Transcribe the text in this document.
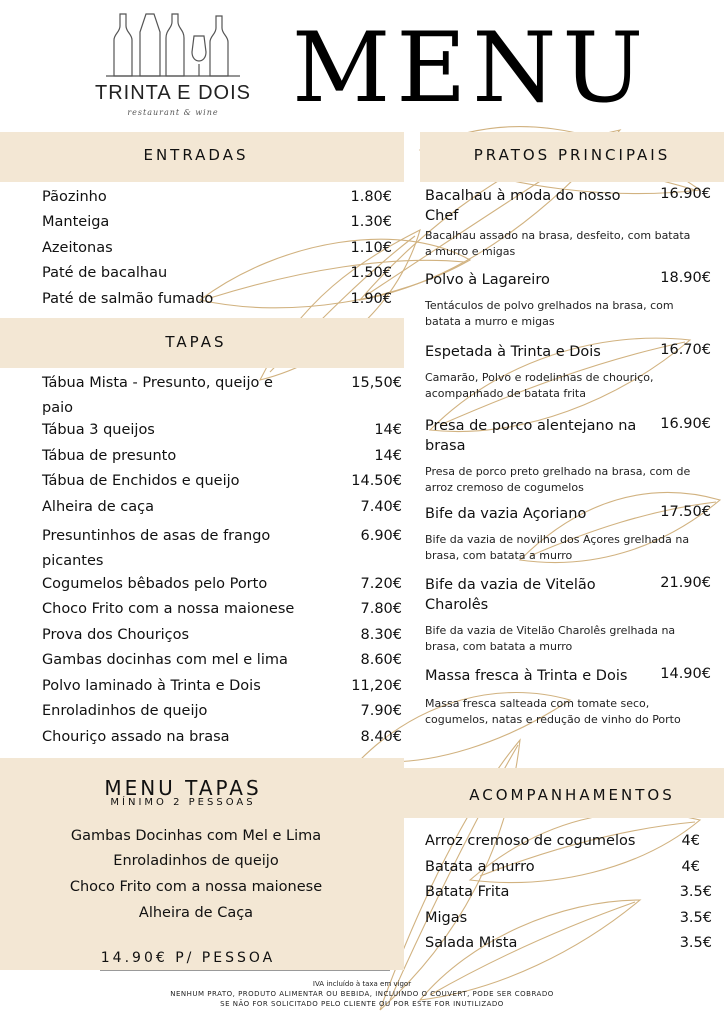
TRINTA E DOIS
restaurant & wine MENU
ENTRADAS
Pãozinho	1.80€
Manteiga	1.30€
Azeitonas	1.10€
Paté de bacalhau	1.50€
Paté de salmão fumado	1.90€
TAPAS
Tábua Mista - Presunto, queijo e paio
15,50€
Tábua 3 queijos	14€
Tábua de presunto	14€
Tábua de Enchidos e queijo	14.50€
Alheira de caça	7.40€
Presuntinhos de asas de frango picantes
6.90€
Cogumelos bêbados pelo Porto	7.20€
Choco Frito com a nossa maionese	7.80€
Prova dos Chouriços	8.30€
Gambas docinhas com mel e lima	8.60€
Polvo laminado à Trinta e Dois	11,20€
Enroladinhos de queijo	7.90€
Chouriço assado na brasa	8.40€
MENU TAPAS
MÍNIMO 2 PESSOAS
Gambas Docinhas com Mel e Lima
Enroladinhos de queijo
Choco Frito com a nossa maionese
Alheira de Caça
14.90€ P/ PESSOA
PRATOS PRINCIPAIS
Bacalhau à moda do nosso Chef
16.90€
Bacalhau assado na brasa, desfeito, com batata a murro e migas
Polvo à Lagareiro	18.90€
Tentáculos de polvo grelhados na brasa, com batata a murro e migas
Espetada à Trinta e Dois	16.70€
Camarão, Polvo e rodelinhas de chouriço, acompanhado de batata frita
Presa de porco alentejano na brasa
16.90€
Presa de porco preto grelhado na brasa, com de arroz cremoso de cogumelos
Bife da vazia Açoriano	17.50€
Bife da vazia de novilho dos Açores grelhada na brasa, com batata a murro
Bife da vazia de Vitelão Charolês
21.90€
Bife da vazia de Vitelão Charolês grelhada na brasa, com batata a murro
Massa fresca à Trinta e Dois	14.90€
Massa fresca salteada com tomate seco, cogumelos, natas e redução de vinho do Porto
ACOMPANHAMENTOS
Arroz cremoso de cogumelos	4€
Batata a murro	4€
Batata Frita	3.5€
Migas	3.5€
Salada Mista	3.5€
IVA incluído à taxa em vigor
NENHUM PRATO, PRODUTO ALIMENTAR OU BEBIDA, INCLUINDO O COUVERT, PODE SER COBRADO
SE NÃO FOR SOLICITADO PELO CLIENTE OU POR ESTE FOR INUTILIZADO
